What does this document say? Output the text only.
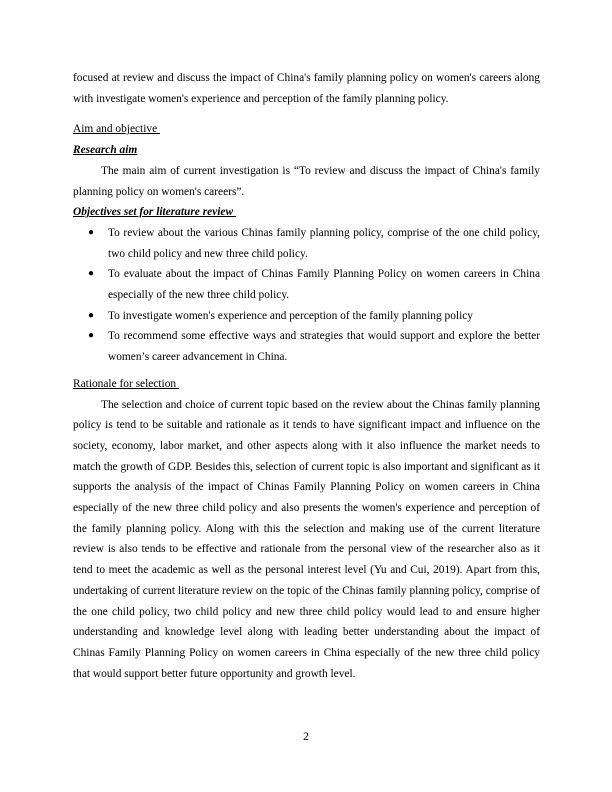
focused at review and discuss the impact of China's family planning policy on women's careers along with investigate women's experience and perception of the family planning policy.

Aim and objective

Research aim

The main aim of current investigation is “To review and discuss the impact of China's family planning policy on women's careers”.

Objectives set for literature review

● To review about the various Chinas family planning policy, comprise of the one child policy, two child policy and new three child policy.
● To evaluate about the impact of Chinas Family Planning Policy on women careers in China especially of the new three child policy.
● To investigate women's experience and perception of the family planning policy
● To recommend some effective ways and strategies that would support and explore the better women’s career advancement in China.

Rationale for selection

The selection and choice of current topic based on the review about the Chinas family planning policy is tend to be suitable and rationale as it tends to have significant impact and influence on the society, economy, labor market, and other aspects along with it also influence the market needs to match the growth of GDP. Besides this, selection of current topic is also important and significant as it supports the analysis of the impact of Chinas Family Planning Policy on women careers in China especially of the new three child policy and also presents the women's experience and perception of the family planning policy. Along with this the selection and making use of the current literature review is also tends to be effective and rationale from the personal view of the researcher also as it tend to meet the academic as well as the personal interest level (Yu and Cui, 2019). Apart from this, undertaking of current literature review on the topic of the Chinas family planning policy, comprise of the one child policy, two child policy and new three child policy would lead to and ensure higher understanding and knowledge level along with leading better understanding about the impact of Chinas Family Planning Policy on women careers in China especially of the new three child policy that would support better future opportunity and growth level.

2
